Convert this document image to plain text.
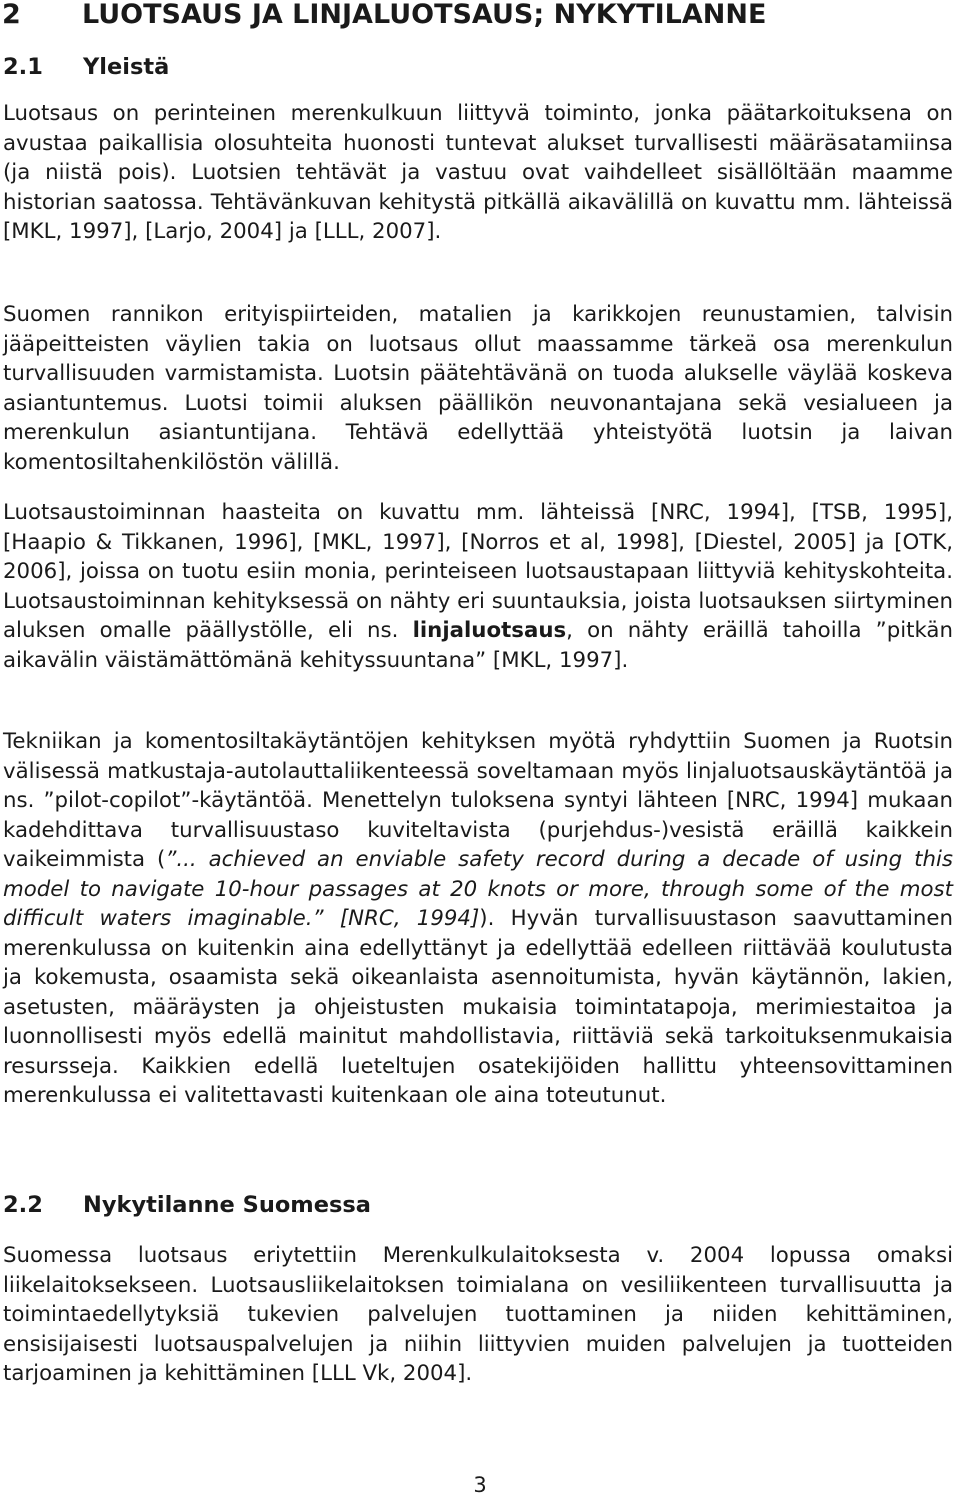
2 LUOTSAUS JA LINJALUOTSAUS; NYKYTILANNE
2.1 Yleistä

Luotsaus on perinteinen merenkulkuun liittyvä toiminto, jonka päätarkoituksena on avustaa paikallisia olosuhteita huonosti tuntevat alukset turvallisesti määräsatamiinsa (ja niistä pois). Luotsien tehtävät ja vastuu ovat vaihdelleet sisällöltään maamme historian saatossa. Tehtävänkuvan kehitystä pitkällä aikavälillä on kuvattu mm. lähteissä [MKL, 1997], [Larjo, 2004] ja [LLL, 2007].

Suomen rannikon erityispiirteiden, matalien ja karikkojen reunustamien, talvisin jääpeitteisten väylien takia on luotsaus ollut maassamme tärkeä osa merenkulun turvallisuuden varmistamista. Luotsin päätehtävänä on tuoda alukselle väylää koskeva asiantuntemus. Luotsi toimii aluksen päällikön neuvonantajana sekä vesialueen ja merenkulun asiantuntijana. Tehtävä edellyttää yhteistyötä luotsin ja laivan komentosiltahenkilöstön välillä.

Luotsaustoiminnan haasteita on kuvattu mm. lähteissä [NRC, 1994], [TSB, 1995], [Haapio & Tikkanen, 1996], [MKL, 1997], [Norros et al, 1998], [Diestel, 2005] ja [OTK, 2006], joissa on tuotu esiin monia, perinteiseen luotsaustapaan liittyviä kehityskohteita. Luotsaustoiminnan kehityksessä on nähty eri suuntauksia, joista luotsauksen siirtyminen aluksen omalle päällystölle, eli ns. linjaluotsaus, on nähty eräillä tahoilla ”pitkän aikavälin väistämättömänä kehityssuuntana” [MKL, 1997].

Tekniikan ja komentosiltakäytäntöjen kehityksen myötä ryhdyttiin Suomen ja Ruotsin välisessä matkustaja-autolauttaliikenteessä soveltamaan myös linjaluotsauskäytäntöä ja ns. ”pilot-copilot”-käytäntöä. Menettelyn tuloksena syntyi lähteen [NRC, 1994] mukaan kadehdittava turvallisuustaso kuviteltavista (purjehdus-)vesistä eräillä kaikkein vaikeimmista (”... achieved an enviable safety record during a decade of using this model to navigate 10-hour passages at 20 knots or more, through some of the most difficult waters imaginable.” [NRC, 1994]). Hyvän turvallisuustason saavuttaminen merenkulussa on kuitenkin aina edellyttänyt ja edellyttää edelleen riittävää koulutusta ja kokemusta, osaamista sekä oikeanlaista asennoitumista, hyvän käytännön, lakien, asetusten, määräysten ja ohjeistusten mukaisia toimintatapoja, merimiestaitoa ja luonnollisesti myös edellä mainitut mahdollistavia, riittäviä sekä tarkoituksenmukaisia resursseja. Kaikkien edellä lueteltujen osatekijöiden hallittu yhteensovittaminen merenkulussa ei valitettavasti kuitenkaan ole aina toteutunut.

2.2 Nykytilanne Suomessa

Suomessa luotsaus eriytettiin Merenkulkulaitoksesta v. 2004 lopussa omaksi liikelaitoksekseen. Luotsausliikelaitoksen toimialana on vesiliikenteen turvallisuutta ja toimintaedellytyksiä tukevien palvelujen tuottaminen ja niiden kehittäminen, ensisijaisesti luotsauspalvelujen ja niihin liittyvien muiden palvelujen ja tuotteiden tarjoaminen ja kehittäminen [LLL Vk, 2004].

3
